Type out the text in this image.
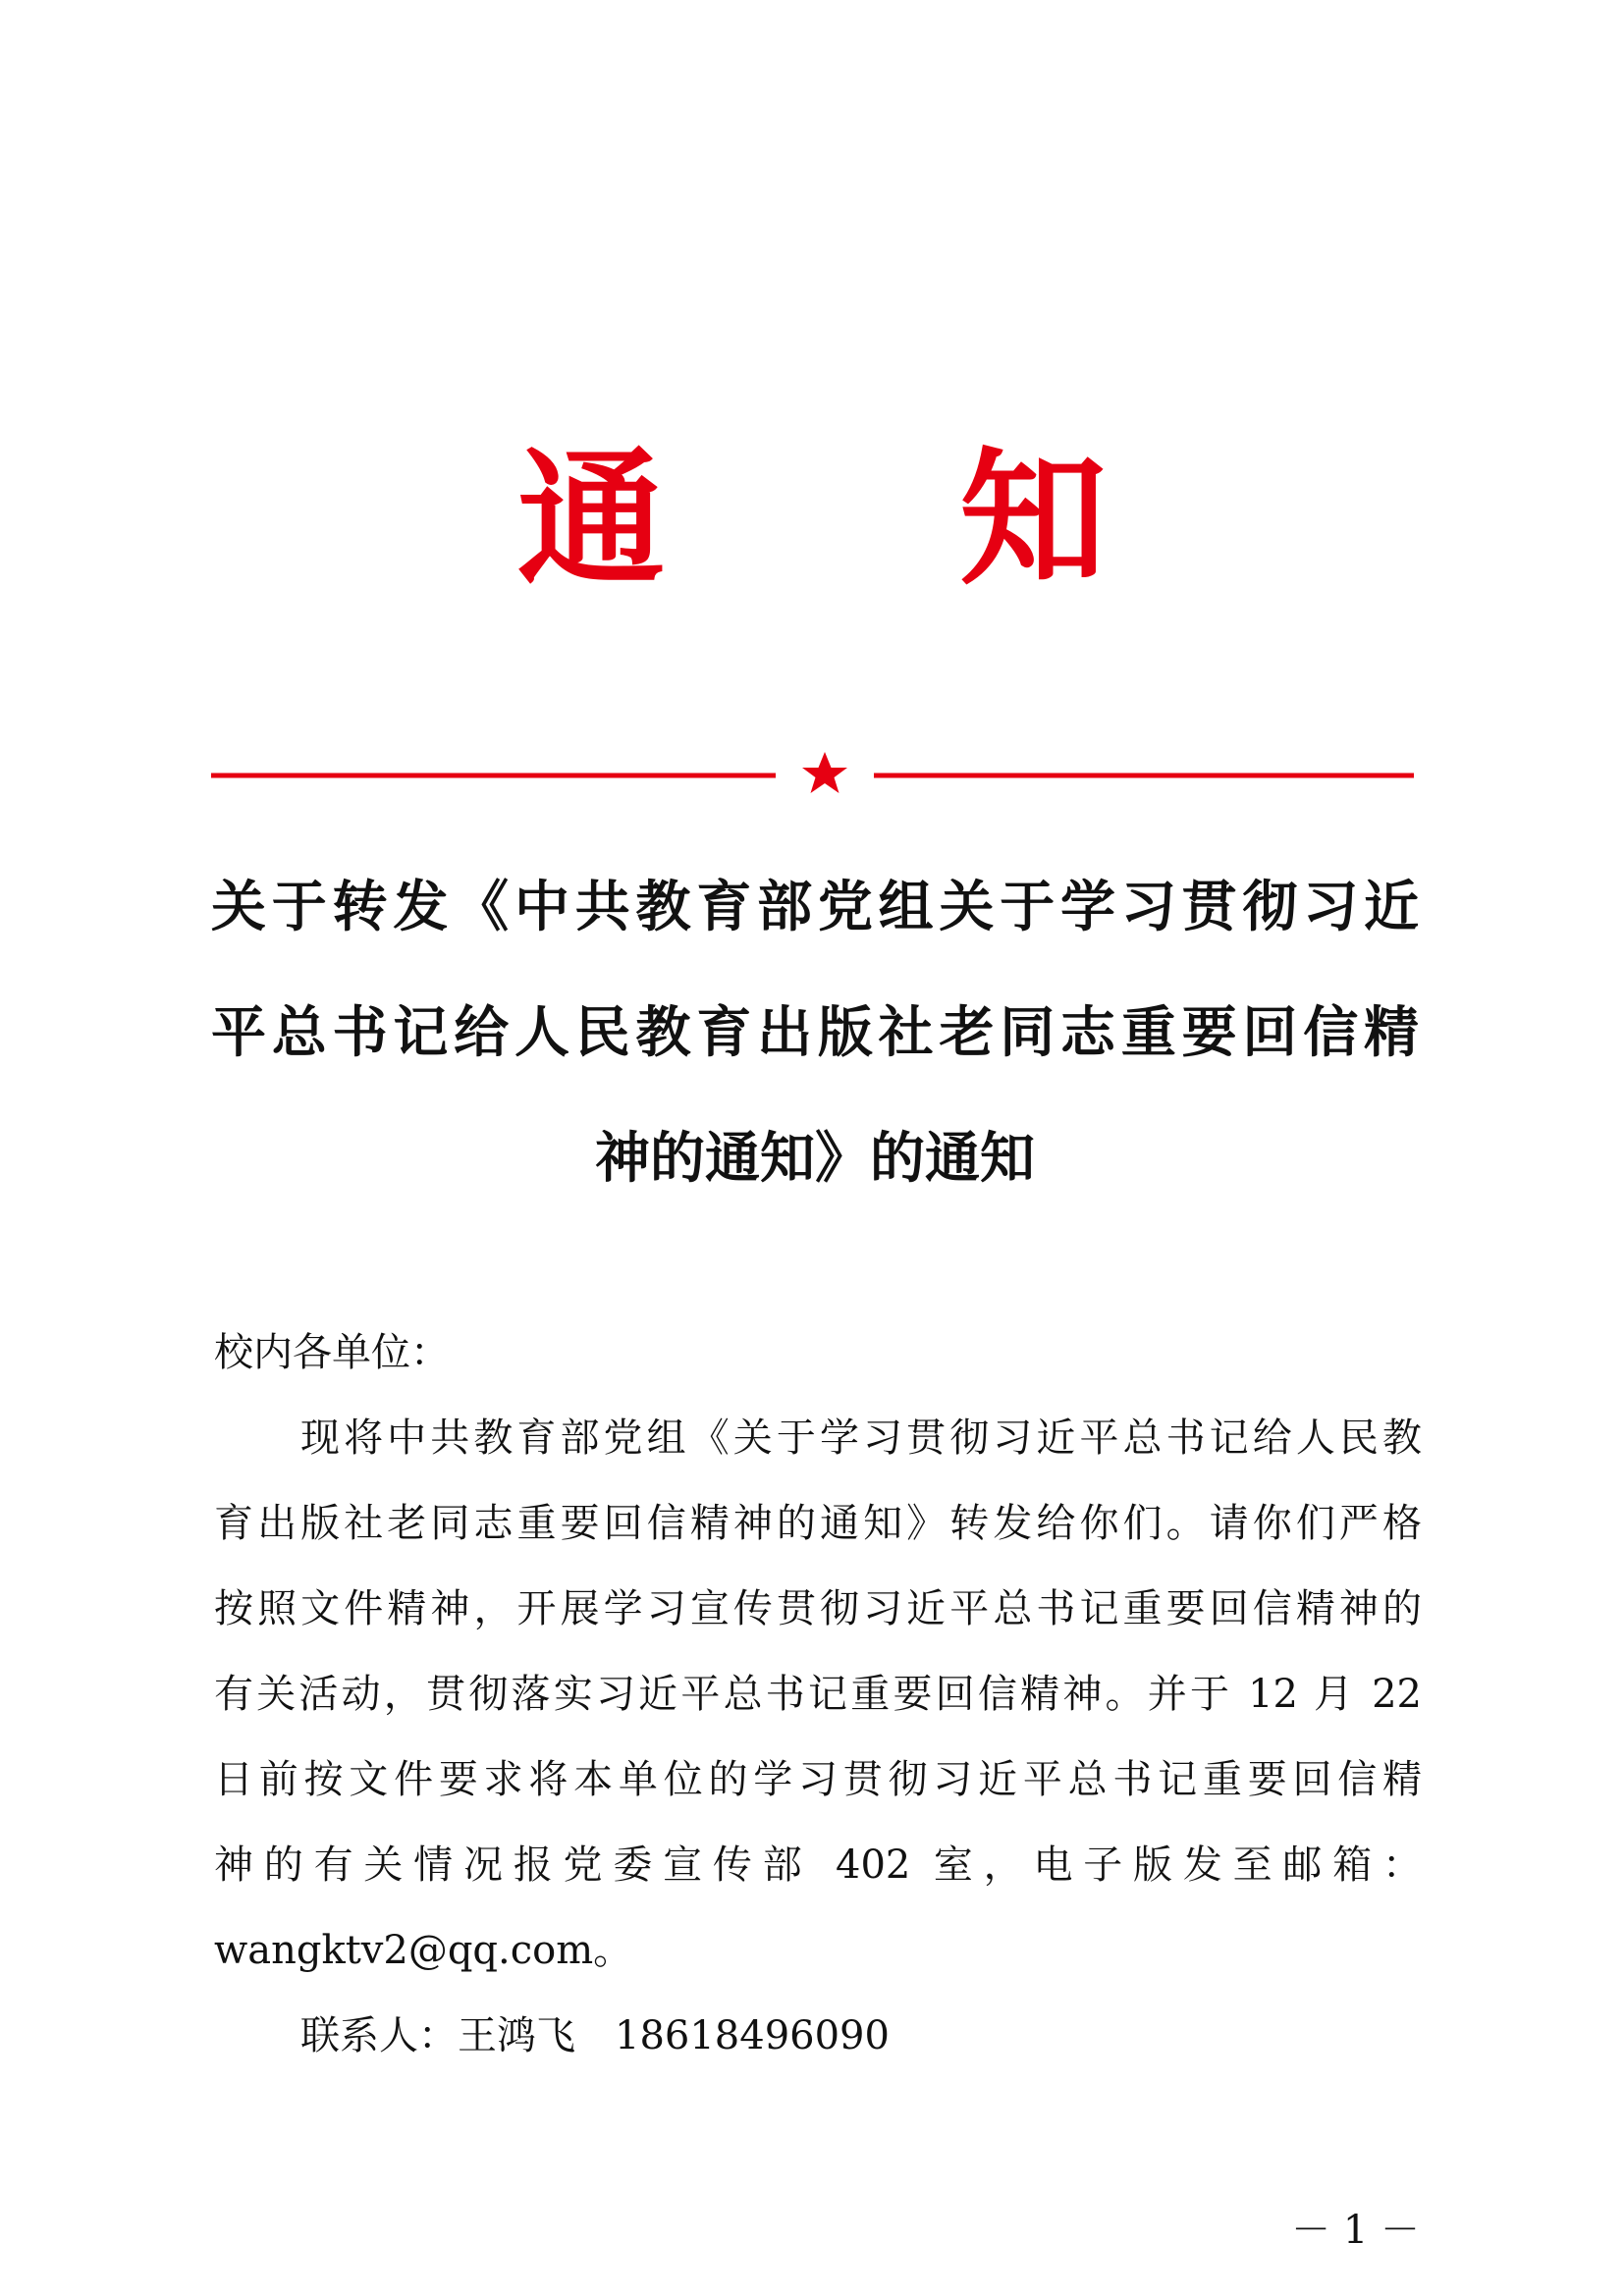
通 知
关于转发《中共教育部党组关于学习贯彻习近
平总书记给人民教育出版社老同志重要回信精
神的通知》的通知
校内各单位：
现将中共教育部党组《关于学习贯彻习近平总书记给人民教
育出版社老同志重要回信精神的通知》转发给你们。请你们严格
按照文件精神，开展学习宣传贯彻习近平总书记重要回信精神的
有关活动，贯彻落实习近平总书记重要回信精神。并于 12 月 22
日前按文件要求将本单位的学习贯彻习近平总书记重要回信精
神的有关情况报党委宣传部 402 室，电子版发至邮箱：
wangktv2@qq.com。
联系人：王鸿飞 18618496090
－ 1 －
